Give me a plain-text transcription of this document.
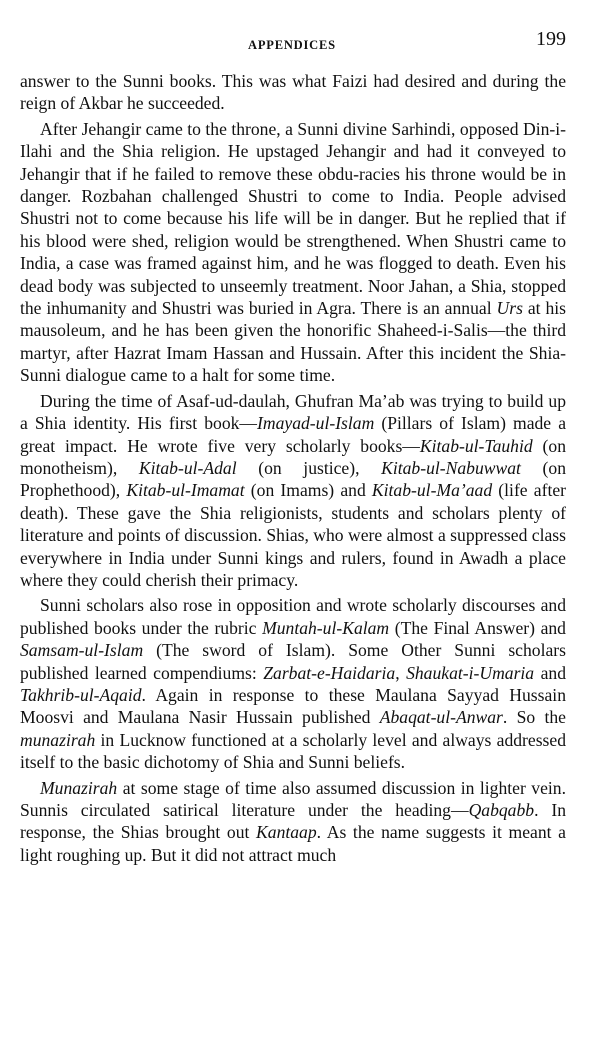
APPENDICES	199

answer to the Sunni books. This was what Faizi had desired and during the reign of Akbar he succeeded.

After Jehangir came to the throne, a Sunni divine Sarhindi, opposed Din-i-Ilahi and the Shia religion. He upstaged Jehangir and had it conveyed to Jehangir that if he failed to remove these obdu-racies his throne would be in danger. Rozbahan challenged Shustri to come to India. People advised Shustri not to come because his life will be in danger. But he replied that if his blood were shed, religion would be strengthened. When Shustri came to India, a case was framed against him, and he was flogged to death. Even his dead body was subjected to unseemly treatment. Noor Jahan, a Shia, stopped the inhumanity and Shustri was buried in Agra. There is an annual Urs at his mausoleum, and he has been given the honorific Shaheed-i-Salis—the third martyr, after Hazrat Imam Hassan and Hussain. After this incident the Shia-Sunni dialogue came to a halt for some time.

During the time of Asaf-ud-daulah, Ghufran Ma’ab was trying to build up a Shia identity. His first book—Imayad-ul-Islam (Pillars of Islam) made a great impact. He wrote five very scholarly books—Kitab-ul-Tauhid (on monotheism), Kitab-ul-Adal (on justice), Kitab-ul-Nabuwwat (on Prophethood), Kitab-ul-Imamat (on Imams) and Kitab-ul-Ma’aad (life after death). These gave the Shia religionists, students and scholars plenty of literature and points of discussion. Shias, who were almost a suppressed class everywhere in India under Sunni kings and rulers, found in Awadh a place where they could cherish their primacy.

Sunni scholars also rose in opposition and wrote scholarly discourses and published books under the rubric Muntah-ul-Kalam (The Final Answer) and Samsam-ul-Islam (The sword of Islam). Some Other Sunni scholars published learned compendiums: Zarbat-e-Haidaria, Shaukat-i-Umaria and Takhrib-ul-Aqaid. Again in response to these Maulana Sayyad Hussain Moosvi and Maulana Nasir Hussain published Abaqat-ul-Anwar. So the munazirah in Lucknow functioned at a scholarly level and always addressed itself to the basic dichotomy of Shia and Sunni beliefs.

Munazirah at some stage of time also assumed discussion in lighter vein. Sunnis circulated satirical literature under the heading—Qabqabb. In response, the Shias brought out Kantaap. As the name suggests it meant a light roughing up. But it did not attract much
